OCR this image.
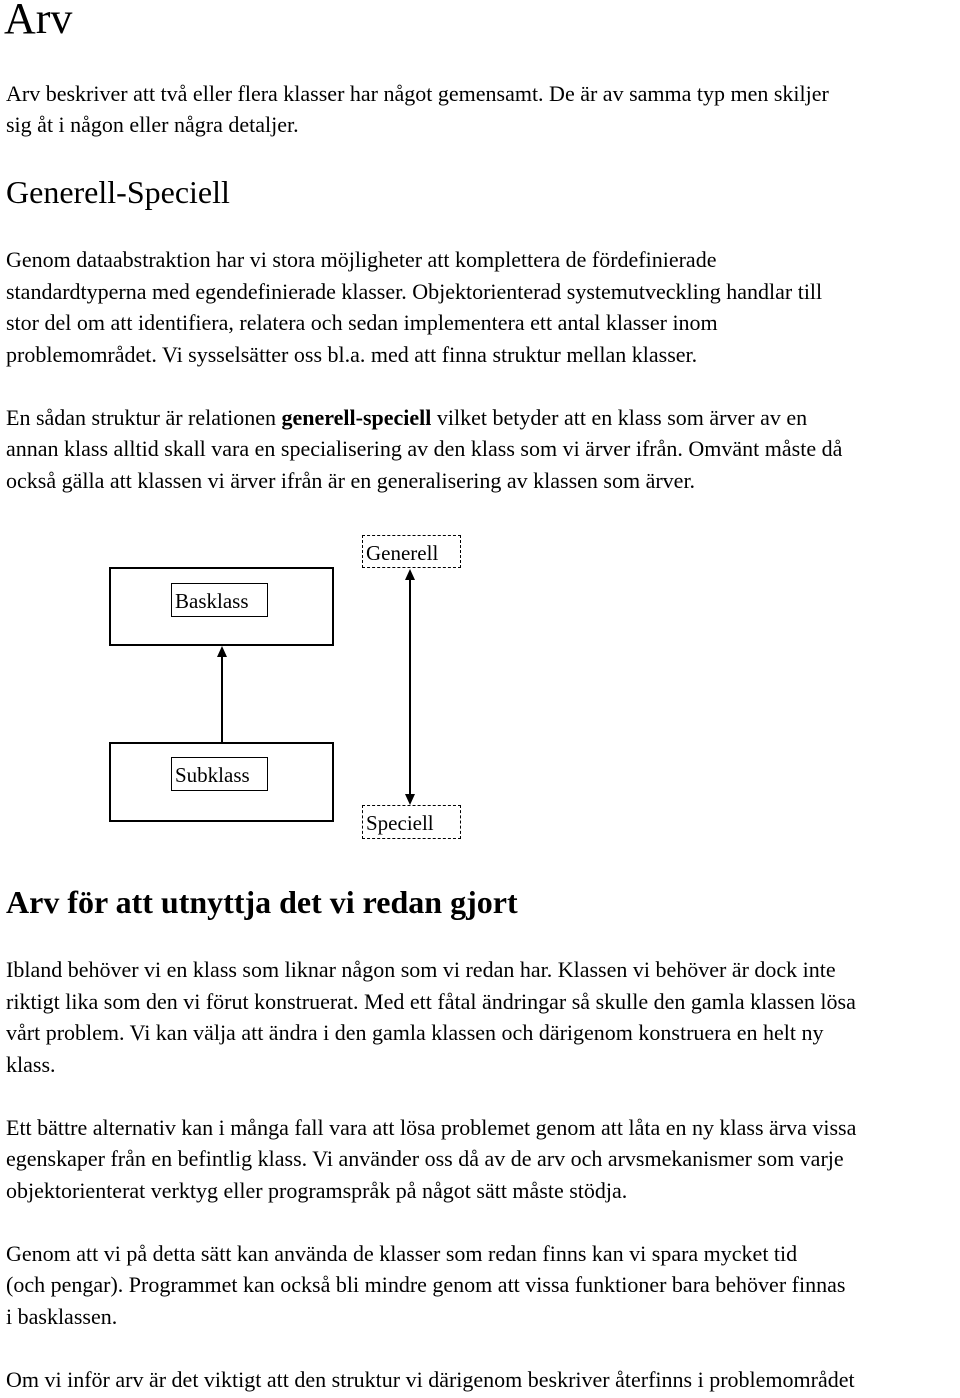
Arv

Arv beskriver att två eller flera klasser har något gemensamt. De är av samma typ men skiljer

sig åt i någon eller några detaljer.

Generell-Speciell

Genom dataabstraktion har vi stora möjligheter att komplettera de fördefinierade

standardtyperna med egendefinierade klasser. Objektorienterad systemutveckling handlar till

stor del om att identifiera, relatera och sedan implementera ett antal klasser inom

problemområdet. Vi sysselsätter oss bl.a. med att finna struktur mellan klasser.

En sådan struktur är relationen generell-speciell vilket betyder att en klass som ärver av en

annan klass alltid skall vara en specialisering av den klass som vi ärver ifrån. Omvänt måste då

också gälla att klassen vi ärver ifrån är en generalisering av klassen som ärver.

Basklass
Subklass
Generell
Speciell
Arv för att utnyttja det vi redan gjort

Ibland behöver vi en klass som liknar någon som vi redan har. Klassen vi behöver är dock inte

riktigt lika som den vi förut konstruerat. Med ett fåtal ändringar så skulle den gamla klassen lösa

vårt problem. Vi kan välja att ändra i den gamla klassen och därigenom konstruera en helt ny

klass.

Ett bättre alternativ kan i många fall vara att lösa problemet genom att låta en ny klass ärva vissa

egenskaper från en befintlig klass. Vi använder oss då av de arv och arvsmekanismer som varje

objektorienterat verktyg eller programspråk på något sätt måste stödja.

Genom att vi på detta sätt kan använda de klasser som redan finns kan vi spara mycket tid

(och pengar). Programmet kan också bli mindre genom att vissa funktioner bara behöver finnas

i basklassen.

Om vi inför arv är det viktigt att den struktur vi därigenom beskriver återfinns i problemområdet
